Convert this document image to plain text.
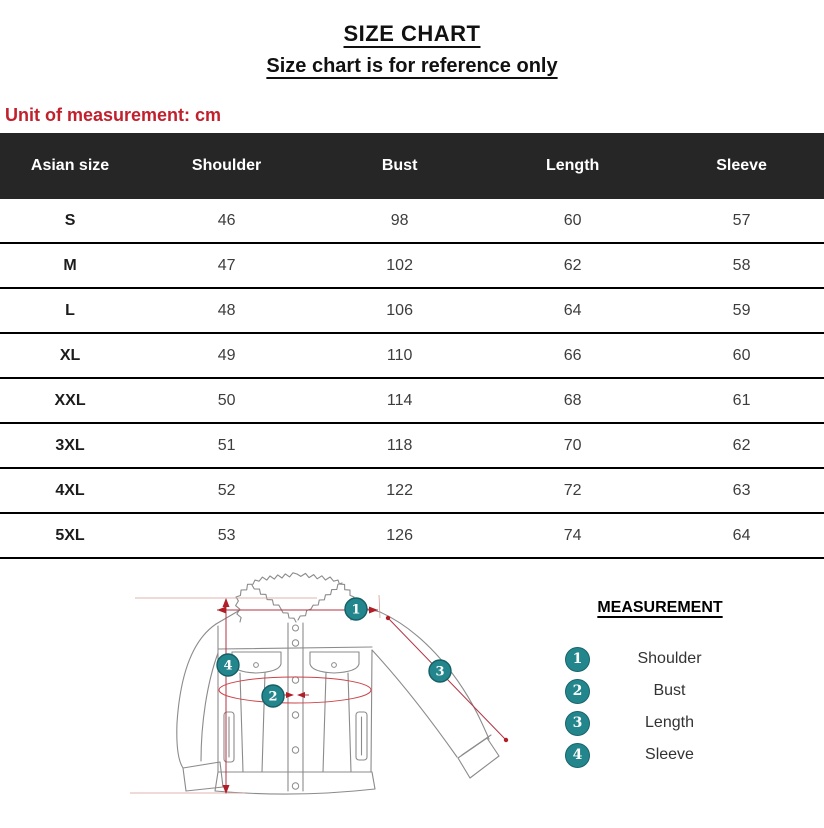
SIZE CHART
Size chart is for reference only
Unit of measurement: cm
Asian size	Shoulder	Bust	Length	Sleeve
S	46	98	60	57
M	47	102	62	58
L	48	106	64	59
XL	49	110	66	60
XXL	50	114	68	61
3XL	51	118	70	62
4XL	52	122	72	63
5XL	53	126	74	64
1
2
3
4
MEASUREMENT
1	Shoulder
2	Bust
3	Length
4	Sleeve
